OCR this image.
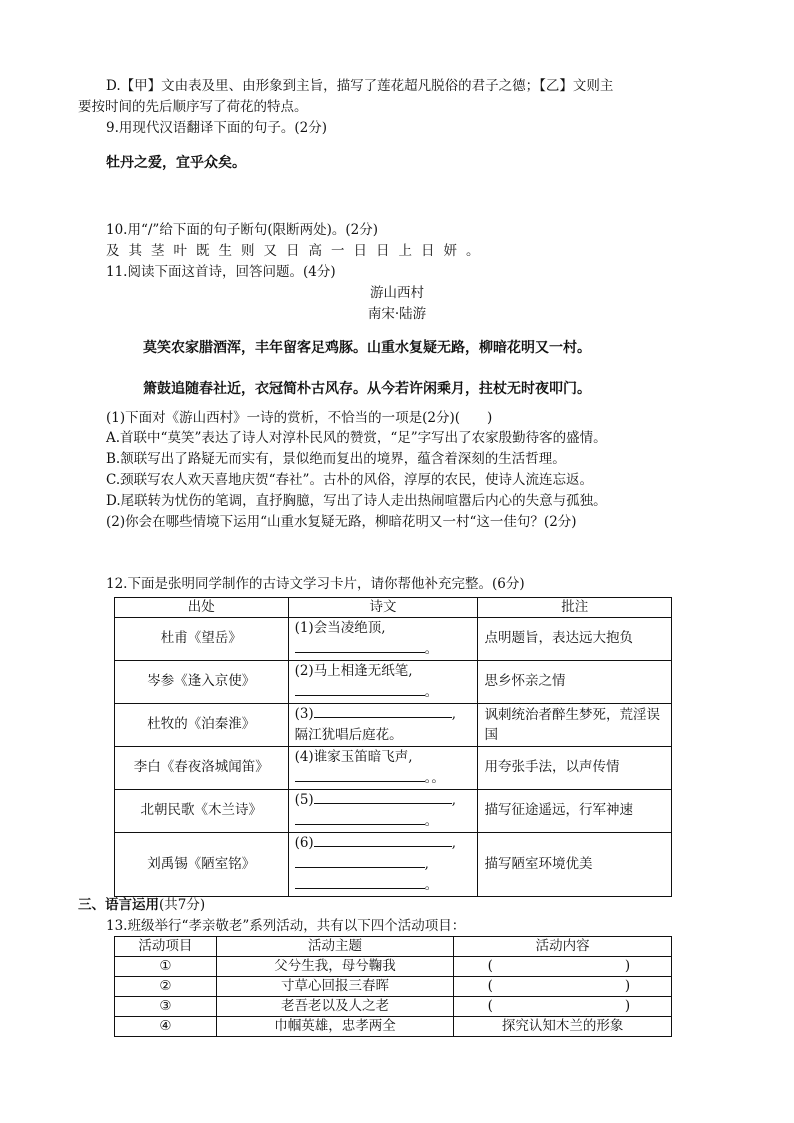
D.【甲】文由表及里、由形象到主旨，描写了莲花超凡脱俗的君子之德；【乙】文则主
要按时间的先后顺序写了荷花的特点。
9.用现代汉语翻译下面的句子。(2分)
牡丹之爱，宜乎众矣。
10.用“/”给下面的句子断句(限断两处)。(2分)
及其茎叶既生则又日高一日日上日妍。
11.阅读下面这首诗，回答问题。(4分)
游山西村
南宋·陆游
莫笑农家腊酒浑，丰年留客足鸡豚。山重水复疑无路，柳暗花明又一村。
箫鼓追随春社近，衣冠简朴古风存。从今若许闲乘月，拄杖无时夜叩门。
(1)下面对《游山西村》一诗的赏析，不恰当的一项是(2分)(　　)
A.首联中“莫笑”表达了诗人对淳朴民风的赞赏，“足”字写出了农家殷勤待客的盛情。
B.颔联写出了路疑无而实有，景似绝而复出的境界，蕴含着深刻的生活哲理。
C.颈联写农人欢天喜地庆贺“春社”。古朴的风俗，淳厚的农民，使诗人流连忘返。
D.尾联转为忧伤的笔调，直抒胸臆，写出了诗人走出热闹喧嚣后内心的失意与孤独。
(2)你会在哪些情境下运用“山重水复疑无路，柳暗花明又一村“这一佳句？(2分)
12.下面是张明同学制作的古诗文学习卡片，请你帮他补充完整。(6分)
出处	诗文	批注
杜甫《望岳》	(1)会当凌绝顶,
。	点明题旨，表达远大抱负
岑参《逢入京使》	(2)马上相逢无纸笔,
。	思乡怀亲之情
杜牧的《泊秦淮》	(3) ,
隔江犹唱后庭花。	讽刺统治者醉生梦死，荒淫误国
李白《春夜洛城闻笛》	(4)谁家玉笛暗飞声,
。。	用夸张手法，以声传情
北朝民歌《木兰诗》	(5) ,
。	描写征途遥远，行军神速
刘禹锡《陋室铭》	(6) ,
,
。	描写陋室环境优美
三、语言运用(共7分)
13.班级举行“孝亲敬老”系列活动，共有以下四个活动项目：
活动项目	活动主题	活动内容
①	父兮生我，母兮鞠我	( )
②	寸草心回报三春晖	( )
③	老吾老以及人之老	( )
④	巾帼英雄，忠孝两全	探究认知木兰的形象
